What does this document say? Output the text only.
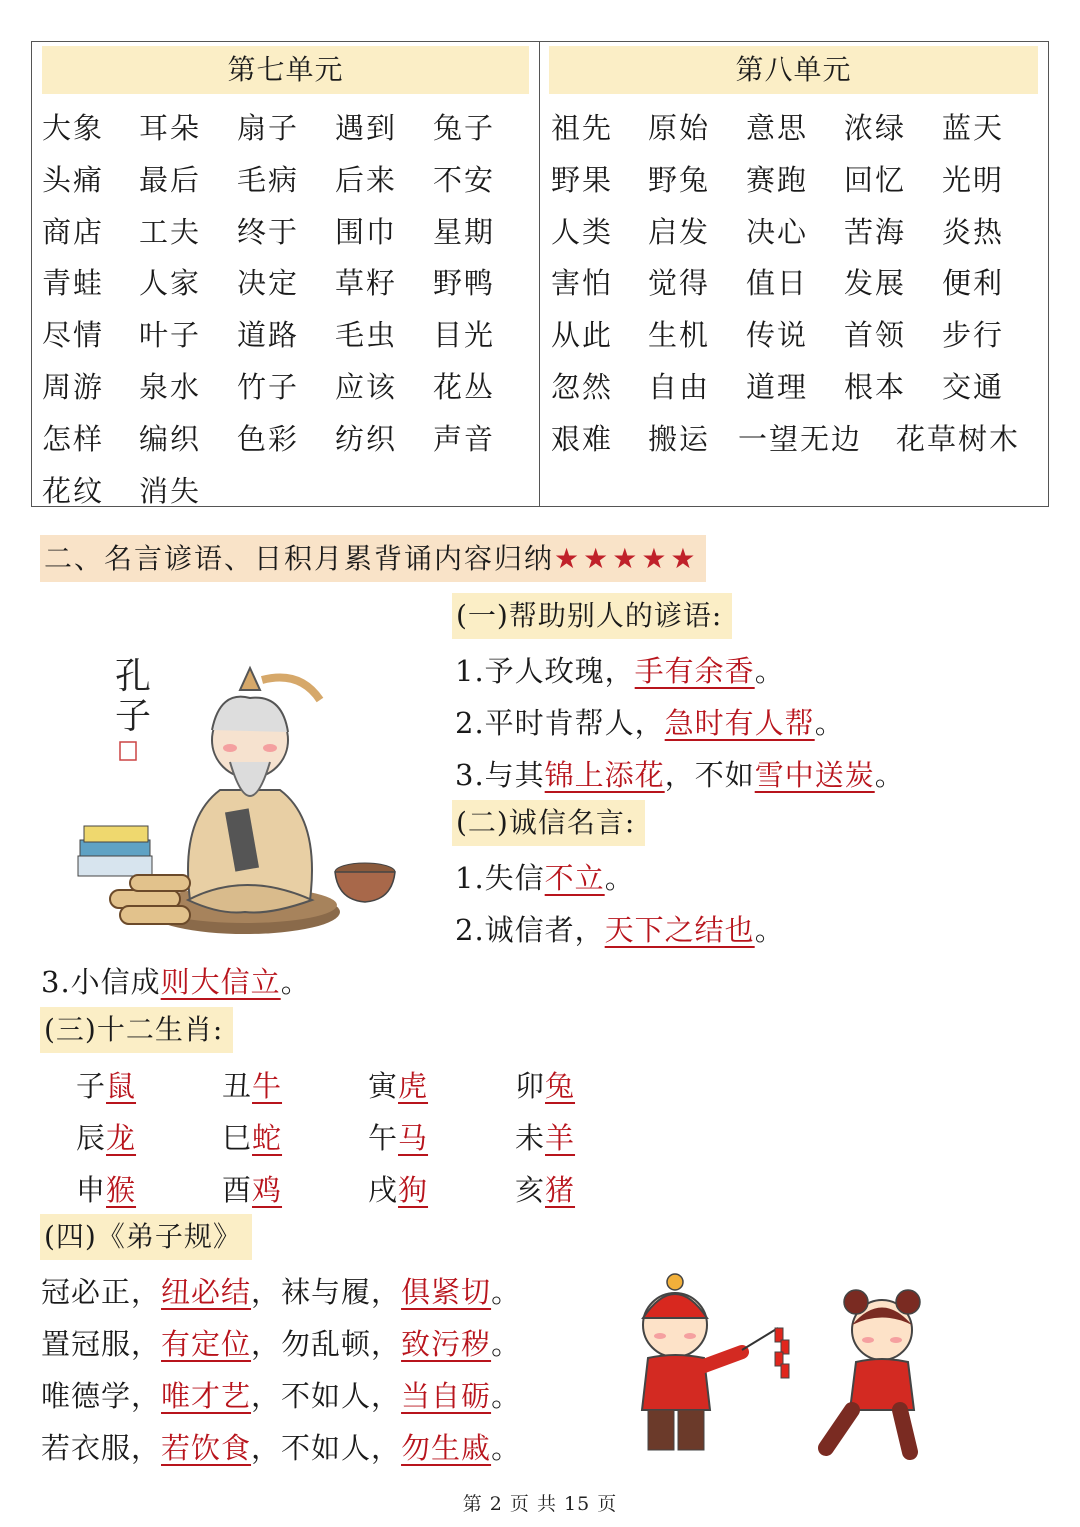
第七单元
大象 耳朵 扇子 遇到 兔子
头痛 最后 毛病 后来 不安
商店 工夫 终于 围巾 星期
青蛙 人家 决定 草籽 野鸭
尽情 叶子 道路 毛虫 目光
周游 泉水 竹子 应该 花丛
怎样 编织 色彩 纺织 声音
花纹 消失
第八单元
祖先 原始 意思 浓绿 蓝天
野果 野兔 赛跑 回忆 光明
人类 启发 决心 苦海 炎热
害怕 觉得 值日 发展 便利
从此 生机 传说 首领 步行
忽然 自由 道理 根本 交通
艰难 搬运 一望无边 花草树木
二、名言谚语、日积月累背诵内容归纳★★★★★
孔
子
(一)帮助别人的谚语:
1.予人玫瑰，手有余香。
2.平时肯帮人，急时有人帮。
3.与其锦上添花，不如雪中送炭。
(二)诚信名言:
1.失信不立。
2.诚信者，天下之结也。
3.小信成则大信立。
(三)十二生肖:
子鼠	丑牛	寅虎	卯兔
辰龙	巳蛇	午马	未羊
申猴	酉鸡	戌狗	亥猪
(四)《弟子规》
冠必正，纽必结，袜与履，俱紧切。
置冠服，有定位，勿乱顿，致污秽。
唯德学，唯才艺，不如人，当自砺。
若衣服，若饮食，不如人，勿生戚。
第 2 页 共 15 页
